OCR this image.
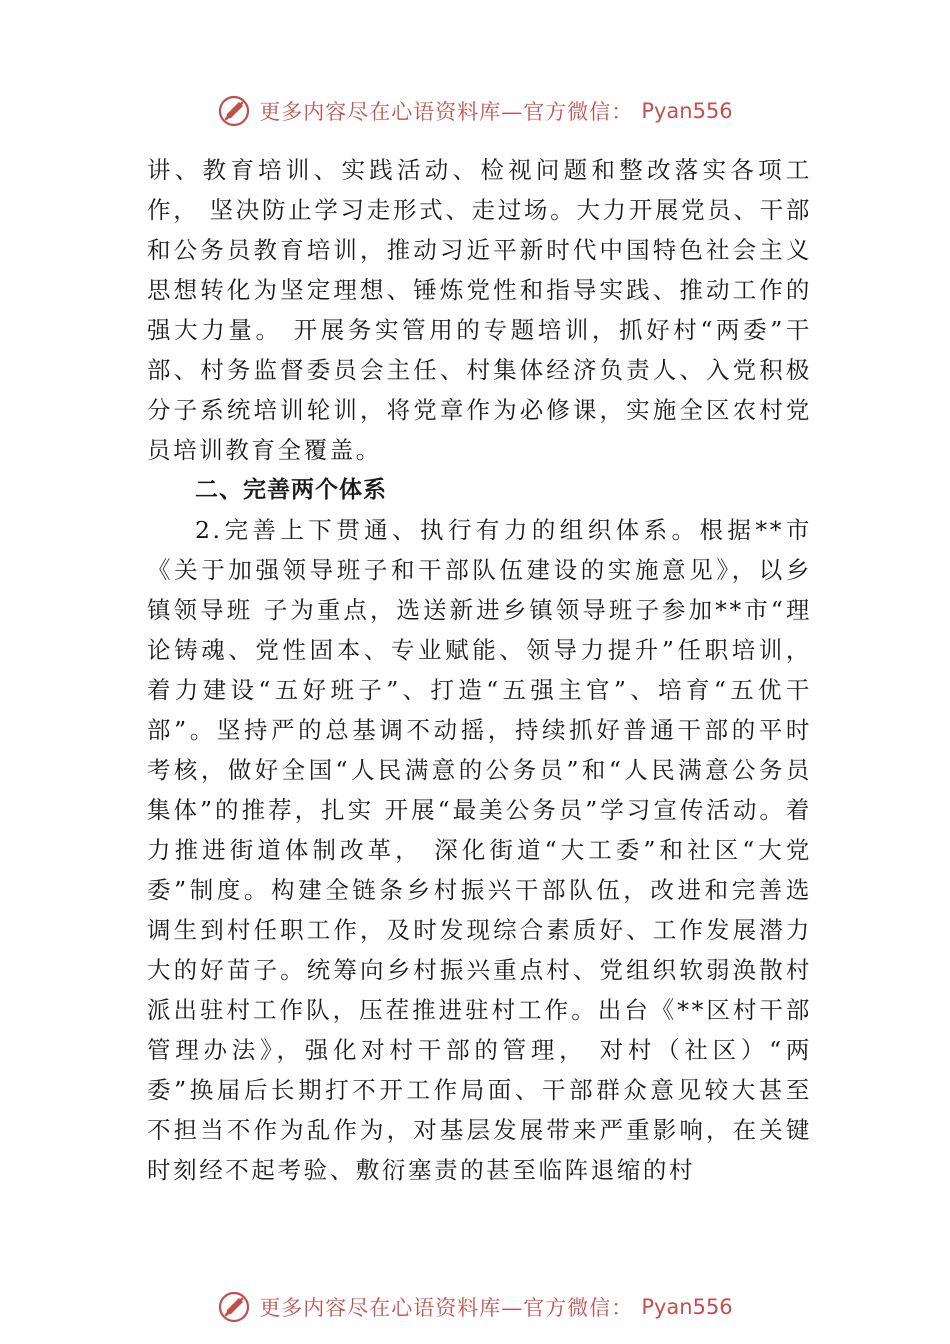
更多内容尽在心语资料库—官方微信： Pyan556

讲、教育培训、实践活动、检视问题和整改落实各项工作， 坚决防止学习走形式、走过场。大力开展党员、干部和公务员教育培训，推动习近平新时代中国特色社会主义思想转化为坚定理想、锤炼党性和指导实践、推动工作的强大力量。 开展务实管用的专题培训，抓好村“两委”干部、村务监督委员会主任、村集体经济负责人、入党积极分子系统培训轮训，将党章作为必修课，实施全区农村党员培训教育全覆盖。

二、完善两个体系

2.完善上下贯通、执行有力的组织体系。根据**市《关于加强领导班子和干部队伍建设的实施意见》，以乡镇领导班 子为重点，选送新进乡镇领导班子参加**市“理论铸魂、党性固本、专业赋能、领导力提升”任职培训，着力建设“五好班子”、打造“五强主官”、培育“五优干部”。坚持严的总基调不动摇，持续抓好普通干部的平时考核，做好全国“人民满意的公务员”和“人民满意公务员集体”的推荐，扎实 开展“最美公务员”学习宣传活动。着力推进街道体制改革， 深化街道“大工委”和社区“大党委”制度。构建全链条乡村振兴干部队伍，改进和完善选调生到村任职工作，及时发现综合素质好、工作发展潜力大的好苗子。统筹向乡村振兴重点村、党组织软弱涣散村派出驻村工作队，压茬推进驻村工作。出台《**区村干部管理办法》，强化对村干部的管理， 对村（社区）“两委”换届后长期打不开工作局面、干部群众意见较大甚至不担当不作为乱作为，对基层发展带来严重影响，在关键时刻经不起考验、敷衍塞责的甚至临阵退缩的村

更多内容尽在心语资料库—官方微信： Pyan556
